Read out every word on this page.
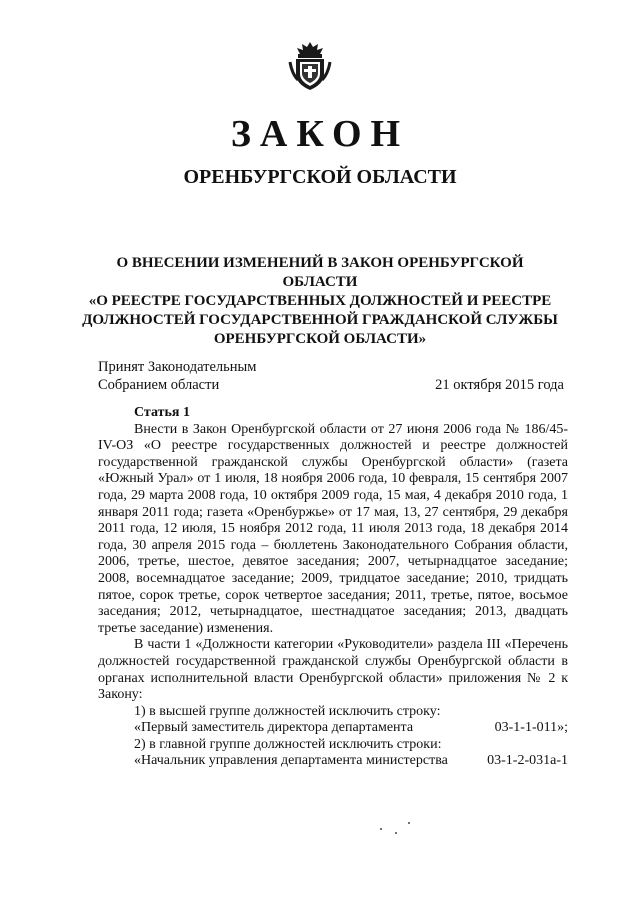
ЗАКОН
ОРЕНБУРГСКОЙ ОБЛАСТИ
О ВНЕСЕНИИ ИЗМЕНЕНИЙ В ЗАКОН ОРЕНБУРГСКОЙ ОБЛАСТИ
«О РЕЕСТРЕ ГОСУДАРСТВЕННЫХ ДОЛЖНОСТЕЙ И РЕЕСТРЕ
ДОЛЖНОСТЕЙ ГОСУДАРСТВЕННОЙ ГРАЖДАНСКОЙ СЛУЖБЫ
ОРЕНБУРГСКОЙ ОБЛАСТИ»
Принят Законодательным
Собранием области	21 октября 2015 года
Статья 1

Внести в Закон Оренбургской области от 27 июня 2006 года № 186/45-IV-ОЗ «О реестре государственных должностей и реестре должностей государственной гражданской службы Оренбургской области» (газета «Южный Урал» от 1 июля, 18 ноября 2006 года, 10 февраля, 15 сентября 2007 года, 29 марта 2008 года, 10 октября 2009 года, 15 мая, 4 декабря 2010 года, 1 января 2011 года; газета «Оренбуржье» от 17 мая, 13, 27 сентября, 29 декабря 2011 года, 12 июля, 15 ноября 2012 года, 11 июля 2013 года, 18 декабря 2014 года, 30 апреля 2015 года – бюллетень Законодательного Собрания области, 2006, третье, шестое, девятое заседания; 2007, четырнадцатое заседание; 2008, восемнадцатое заседание; 2009, тридцатое заседание; 2010, тридцать пятое, сорок третье, сорок четвертое заседания; 2011, третье, пятое, восьмое заседания; 2012, четырнадцатое, шестнадцатое заседания; 2013, двадцать третье заседание) изменения.

В части 1 «Должности категории «Руководители» раздела III «Перечень должностей государственной гражданской службы Оренбургской области в органах исполнительной власти Оренбургской области» приложения № 2 к Закону:

1) в высшей группе должностей исключить строку:
«Первый заместитель директора департамента	03-1-1-011»;
2) в главной группе должностей исключить строки:
«Начальник управления департамента министерства	03-1-2-031а-1
